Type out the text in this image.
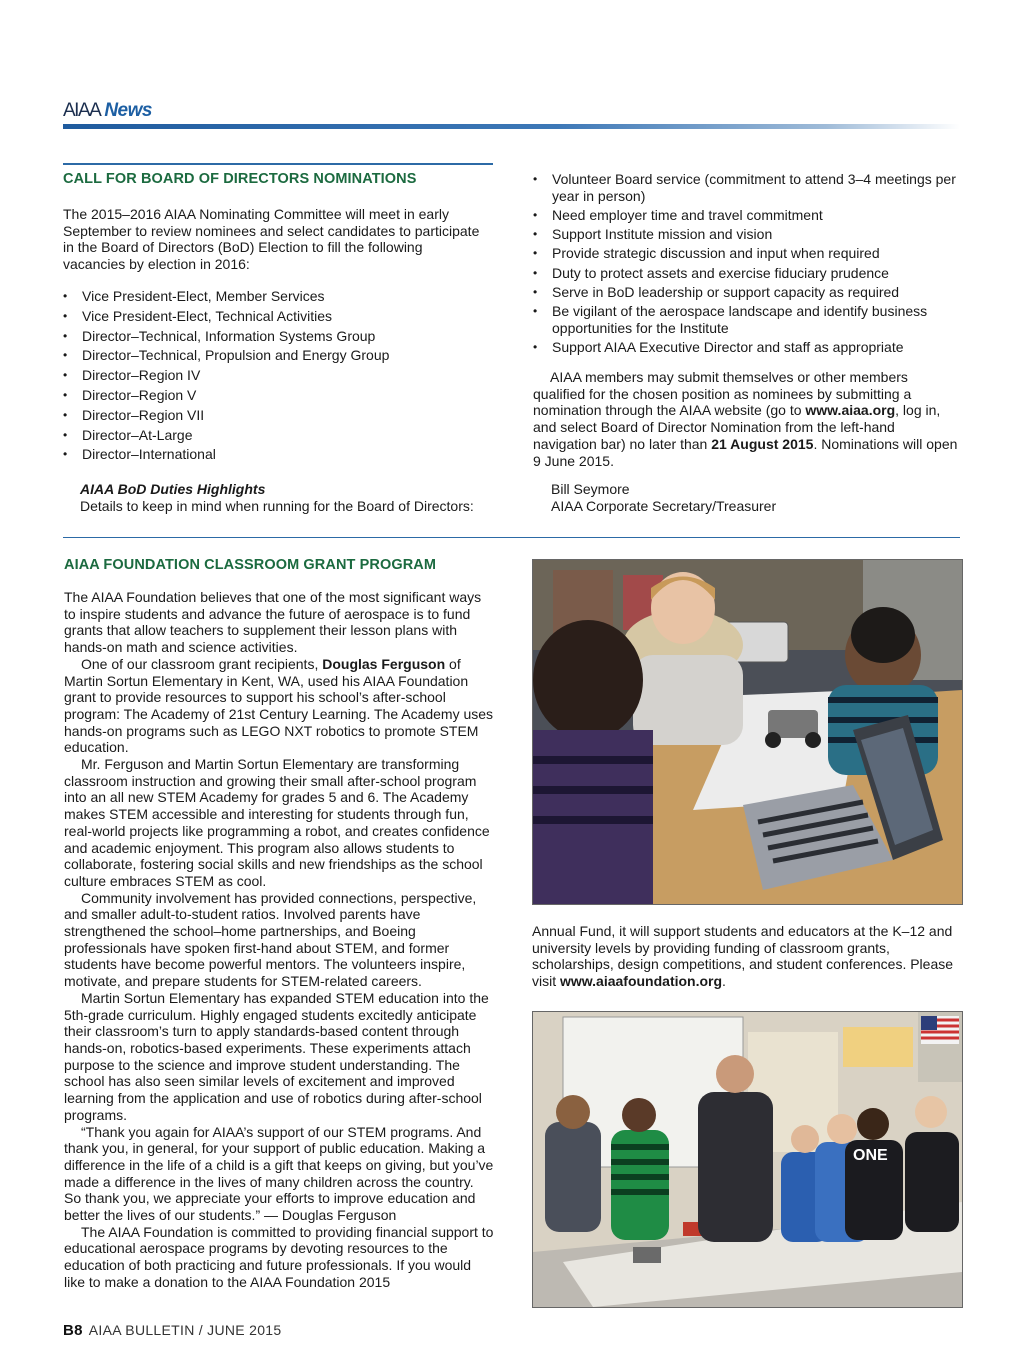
AIAA News
CALL FOR BOARD OF DIRECTORS NOMINATIONS

The 2015–2016 AIAA Nominating Committee will meet in early September to review nominees and select candidates to participate in the Board of Directors (BoD) Election to fill the following vacancies by election in 2016:

• Vice President-Elect, Member Services
• Vice President-Elect, Technical Activities
• Director–Technical, Information Systems Group
• Director–Technical, Propulsion and Energy Group
• Director–Region IV
• Director–Region V
• Director–Region VII
• Director–At-Large
• Director–International

AIAA BoD Duties Highlights

Details to keep in mind when running for the Board of Directors:

• Volunteer Board service (commitment to attend 3–4 meetings per year in person)
• Need employer time and travel commitment
• Support Institute mission and vision
• Provide strategic discussion and input when required
• Duty to protect assets and exercise fiduciary prudence
• Serve in BoD leadership or support capacity as required
• Be vigilant of the aerospace landscape and identify business opportunities for the Institute
• Support AIAA Executive Director and staff as appropriate

AIAA members may submit themselves or other members qualified for the chosen position as nominees by submitting a nomination through the AIAA website (go to www.aiaa.org, log in, and select Board of Director Nomination from the left-hand navigation bar) no later than 21 August 2015. Nominations will open 9 June 2015.

Bill Seymore

AIAA Corporate Secretary/Treasurer

AIAA FOUNDATION CLASSROOM GRANT PROGRAM

The AIAA Foundation believes that one of the most significant ways to inspire students and advance the future of aerospace is to fund grants that allow teachers to supplement their lesson plans with hands-on math and science activities.

One of our classroom grant recipients, Douglas Ferguson of Martin Sortun Elementary in Kent, WA, used his AIAA Foundation grant to provide resources to support his school’s after-school program: The Academy of 21st Century Learning. The Academy uses hands-on programs such as LEGO NXT robotics to promote STEM education.

Mr. Ferguson and Martin Sortun Elementary are transforming classroom instruction and growing their small after-school program into an all new STEM Academy for grades 5 and 6. The Academy makes STEM accessible and interesting for students through fun, real-world projects like programming a robot, and creates confidence and academic enjoyment. This program also allows students to collaborate, fostering social skills and new friendships as the school culture embraces STEM as cool.

Community involvement has provided connections, perspective, and smaller adult-to-student ratios. Involved parents have strengthened the school–home partnerships, and Boeing professionals have spoken first-hand about STEM, and former students have become powerful mentors. The volunteers inspire, motivate, and prepare students for STEM-related careers.

Martin Sortun Elementary has expanded STEM education into the 5th-grade curriculum. Highly engaged students excitedly anticipate their classroom’s turn to apply standards-based content through hands-on, robotics-based experiments. These experiments attach purpose to the science and improve student understanding. The school has also seen similar levels of excitement and improved learning from the application and use of robotics during after-school programs.

“Thank you again for AIAA’s support of our STEM programs. And thank you, in general, for your support of public education. Making a difference in the life of a child is a gift that keeps on giving, but you’ve made a difference in the lives of many children across the country. So thank you, we appreciate your efforts to improve education and better the lives of our students.” — Douglas Ferguson

The AIAA Foundation is committed to providing financial support to educational aerospace programs by devoting resources to the education of both practicing and future professionals. If you would like to make a donation to the AIAA Foundation 2015

Annual Fund, it will support students and educators at the K–12 and university levels by providing funding of classroom grants, scholarships, design competitions, and student conferences. Please visit www.aiaafoundation.org.

ONE
B8 AIAA BULLETIN / JUNE 2015
